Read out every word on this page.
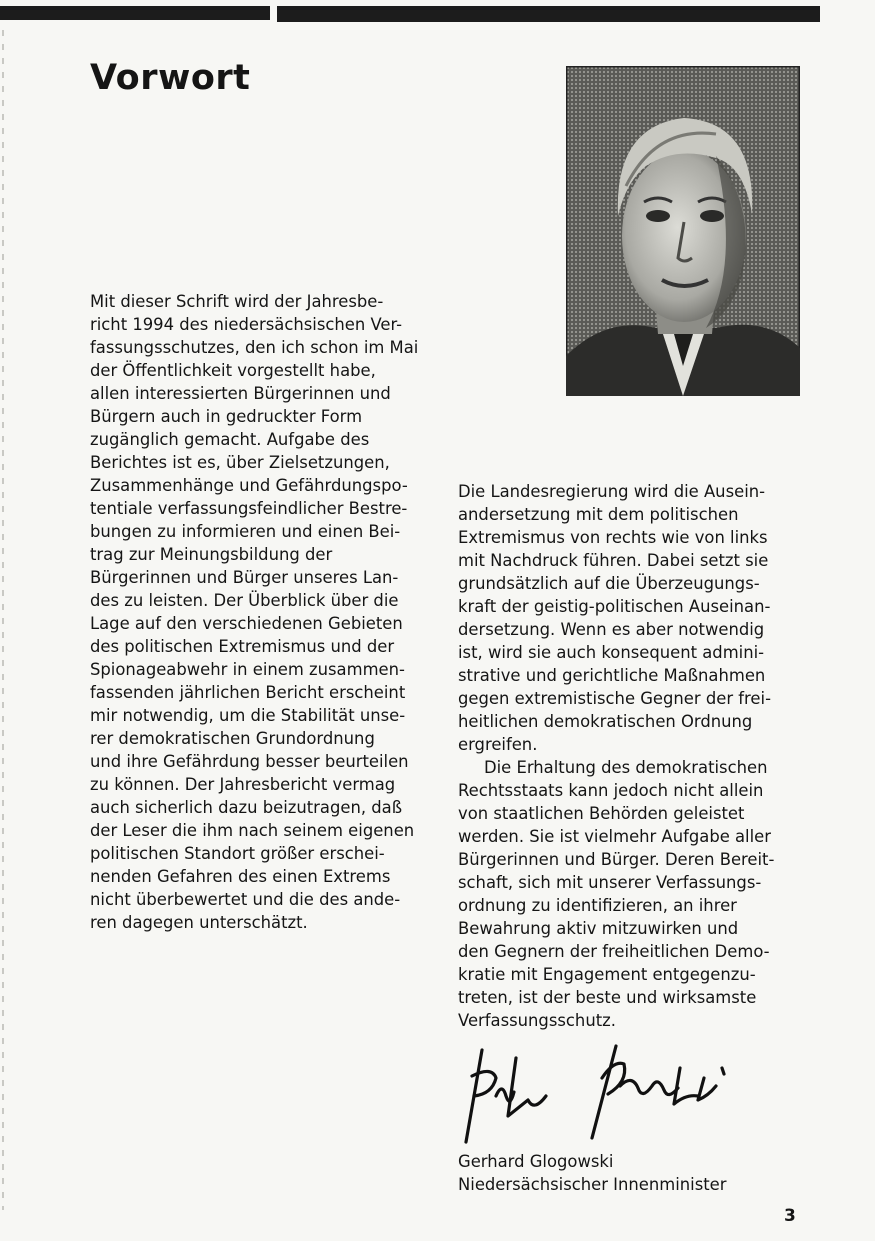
Vorwort

Mit dieser Schrift wird der Jahresbe-
richt 1994 des niedersächsischen Ver-
fassungsschutzes, den ich schon im Mai
der Öffentlichkeit vorgestellt habe,
allen interessierten Bürgerinnen und
Bürgern auch in gedruckter Form
zugänglich gemacht. Aufgabe des
Berichtes ist es, über Zielsetzungen,
Zusammenhänge und Gefährdungspo-
tentiale verfassungsfeindlicher Bestre-
bungen zu informieren und einen Bei-
trag zur Meinungsbildung der
Bürgerinnen und Bürger unseres Lan-
des zu leisten. Der Überblick über die
Lage auf den verschiedenen Gebieten
des politischen Extremismus und der
Spionageabwehr in einem zusammen-
fassenden jährlichen Bericht erscheint
mir notwendig, um die Stabilität unse-
rer demokratischen Grundordnung
und ihre Gefährdung besser beurteilen
zu können. Der Jahresbericht vermag
auch sicherlich dazu beizutragen, daß
der Leser die ihm nach seinem eigenen
politischen Standort größer erschei-
nenden Gefahren des einen Extrems
nicht überbewertet und die des ande-
ren dagegen unterschätzt.

Die Landesregierung wird die Ausein-
andersetzung mit dem politischen
Extremismus von rechts wie von links
mit Nachdruck führen. Dabei setzt sie
grundsätzlich auf die Überzeugungs-
kraft der geistig-politischen Auseinan-
dersetzung. Wenn es aber notwendig
ist, wird sie auch konsequent admini-
strative und gerichtliche Maßnahmen
gegen extremistische Gegner der frei-
heitlichen demokratischen Ordnung
ergreifen.

Die Erhaltung des demokratischen
Rechtsstaats kann jedoch nicht allein
von staatlichen Behörden geleistet
werden. Sie ist vielmehr Aufgabe aller
Bürgerinnen und Bürger. Deren Bereit-
schaft, sich mit unserer Verfassungs-
ordnung zu identifizieren, an ihrer
Bewahrung aktiv mitzuwirken und
den Gegnern der freiheitlichen Demo-
kratie mit Engagement entgegenzu-
treten, ist der beste und wirksamste
Verfassungsschutz.

Gerhard Glogowski
Niedersächsischer Innenminister
3
